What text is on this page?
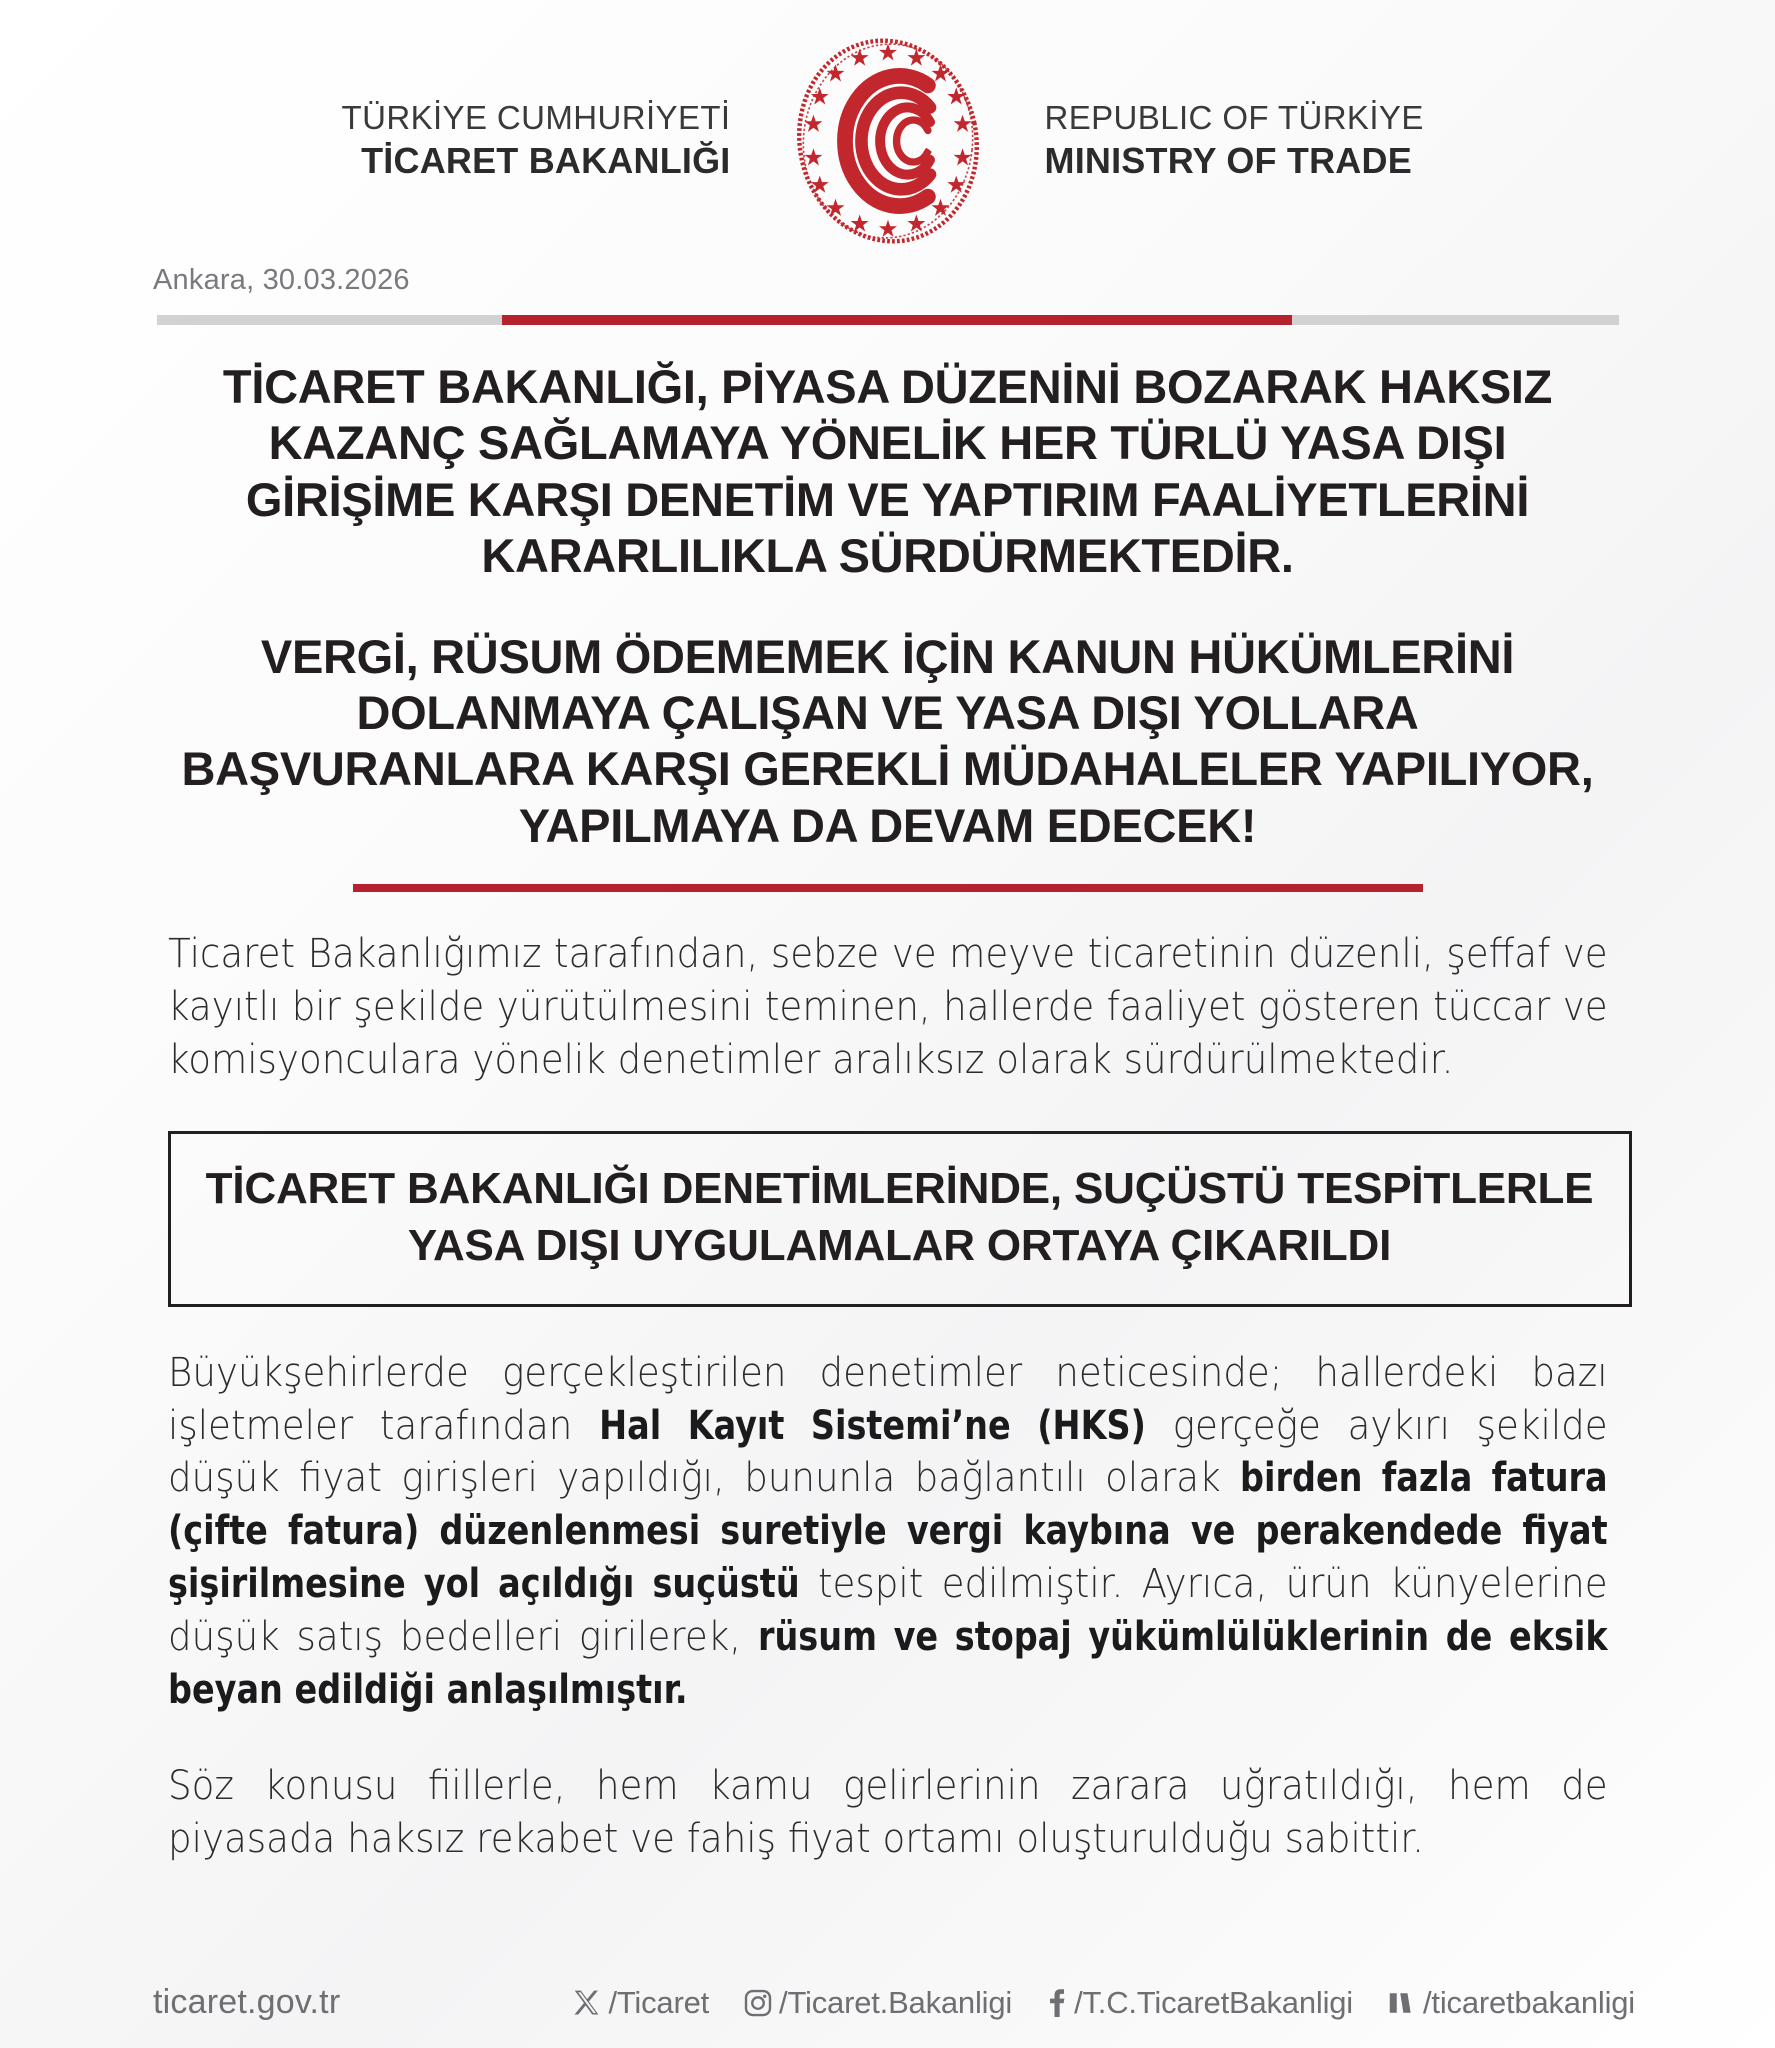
TÜRKİYE CUMHURİYETİ
TİCARET BAKANLIĞI
REPUBLIC OF TÜRKİYE
MINISTRY OF TRADE
Ankara, 30.03.2026

TİCARET BAKANLIĞI, PİYASA DÜZENİNİ BOZARAK HAKSIZ KAZANÇ SAĞLAMAYA YÖNELİK HER TÜRLÜ YASA DIŞI GİRİŞİME KARŞI DENETİM VE YAPTIRIM FAALİYETLERİNİ KARARLILIKLA SÜRDÜRMEKTEDİR.

VERGİ, RÜSUM ÖDEMEMEK İÇİN KANUN HÜKÜMLERİNİ DOLANMAYA ÇALIŞAN VE YASA DIŞI YOLLARA BAŞVURANLARA KARŞI GEREKLİ MÜDAHALELER YAPILIYOR, YAPILMAYA DA DEVAM EDECEK!

Ticaret Bakanlığımız tarafından, sebze ve meyve ticaretinin düzenli, şeffaf ve kayıtlı bir şekilde yürütülmesini teminen, hallerde faaliyet gösteren tüccar ve komisyonculara yönelik denetimler aralıksız olarak sürdürülmektedir.

TİCARET BAKANLIĞI DENETİMLERİNDE, SUÇÜSTÜ TESPİTLERLE YASA DIŞI UYGULAMALAR ORTAYA ÇIKARILDI

Büyükşehirlerde gerçekleştirilen denetimler neticesinde; hallerdeki bazı işletmeler tarafından Hal Kayıt Sistemi’ne (HKS) gerçeğe aykırı şekilde düşük fiyat girişleri yapıldığı, bununla bağlantılı olarak birden fazla fatura (çifte fatura) düzenlenmesi suretiyle vergi kaybına ve perakendede fiyat şişirilmesine yol açıldığı suçüstü tespit edilmiştir. Ayrıca, ürün künyelerine düşük satış bedelleri girilerek, rüsum ve stopaj yükümlülüklerinin de eksik beyan edildiği anlaşılmıştır.

Söz konusu fiillerle, hem kamu gelirlerinin zarara uğratıldığı, hem de piyasada haksız rekabet ve fahiş fiyat ortamı oluşturulduğu sabittir.

ticaret.gov.tr	/Ticaret /Ticaret.Bakanligi /T.C.TicaretBakanligi /ticaretbakanligi
